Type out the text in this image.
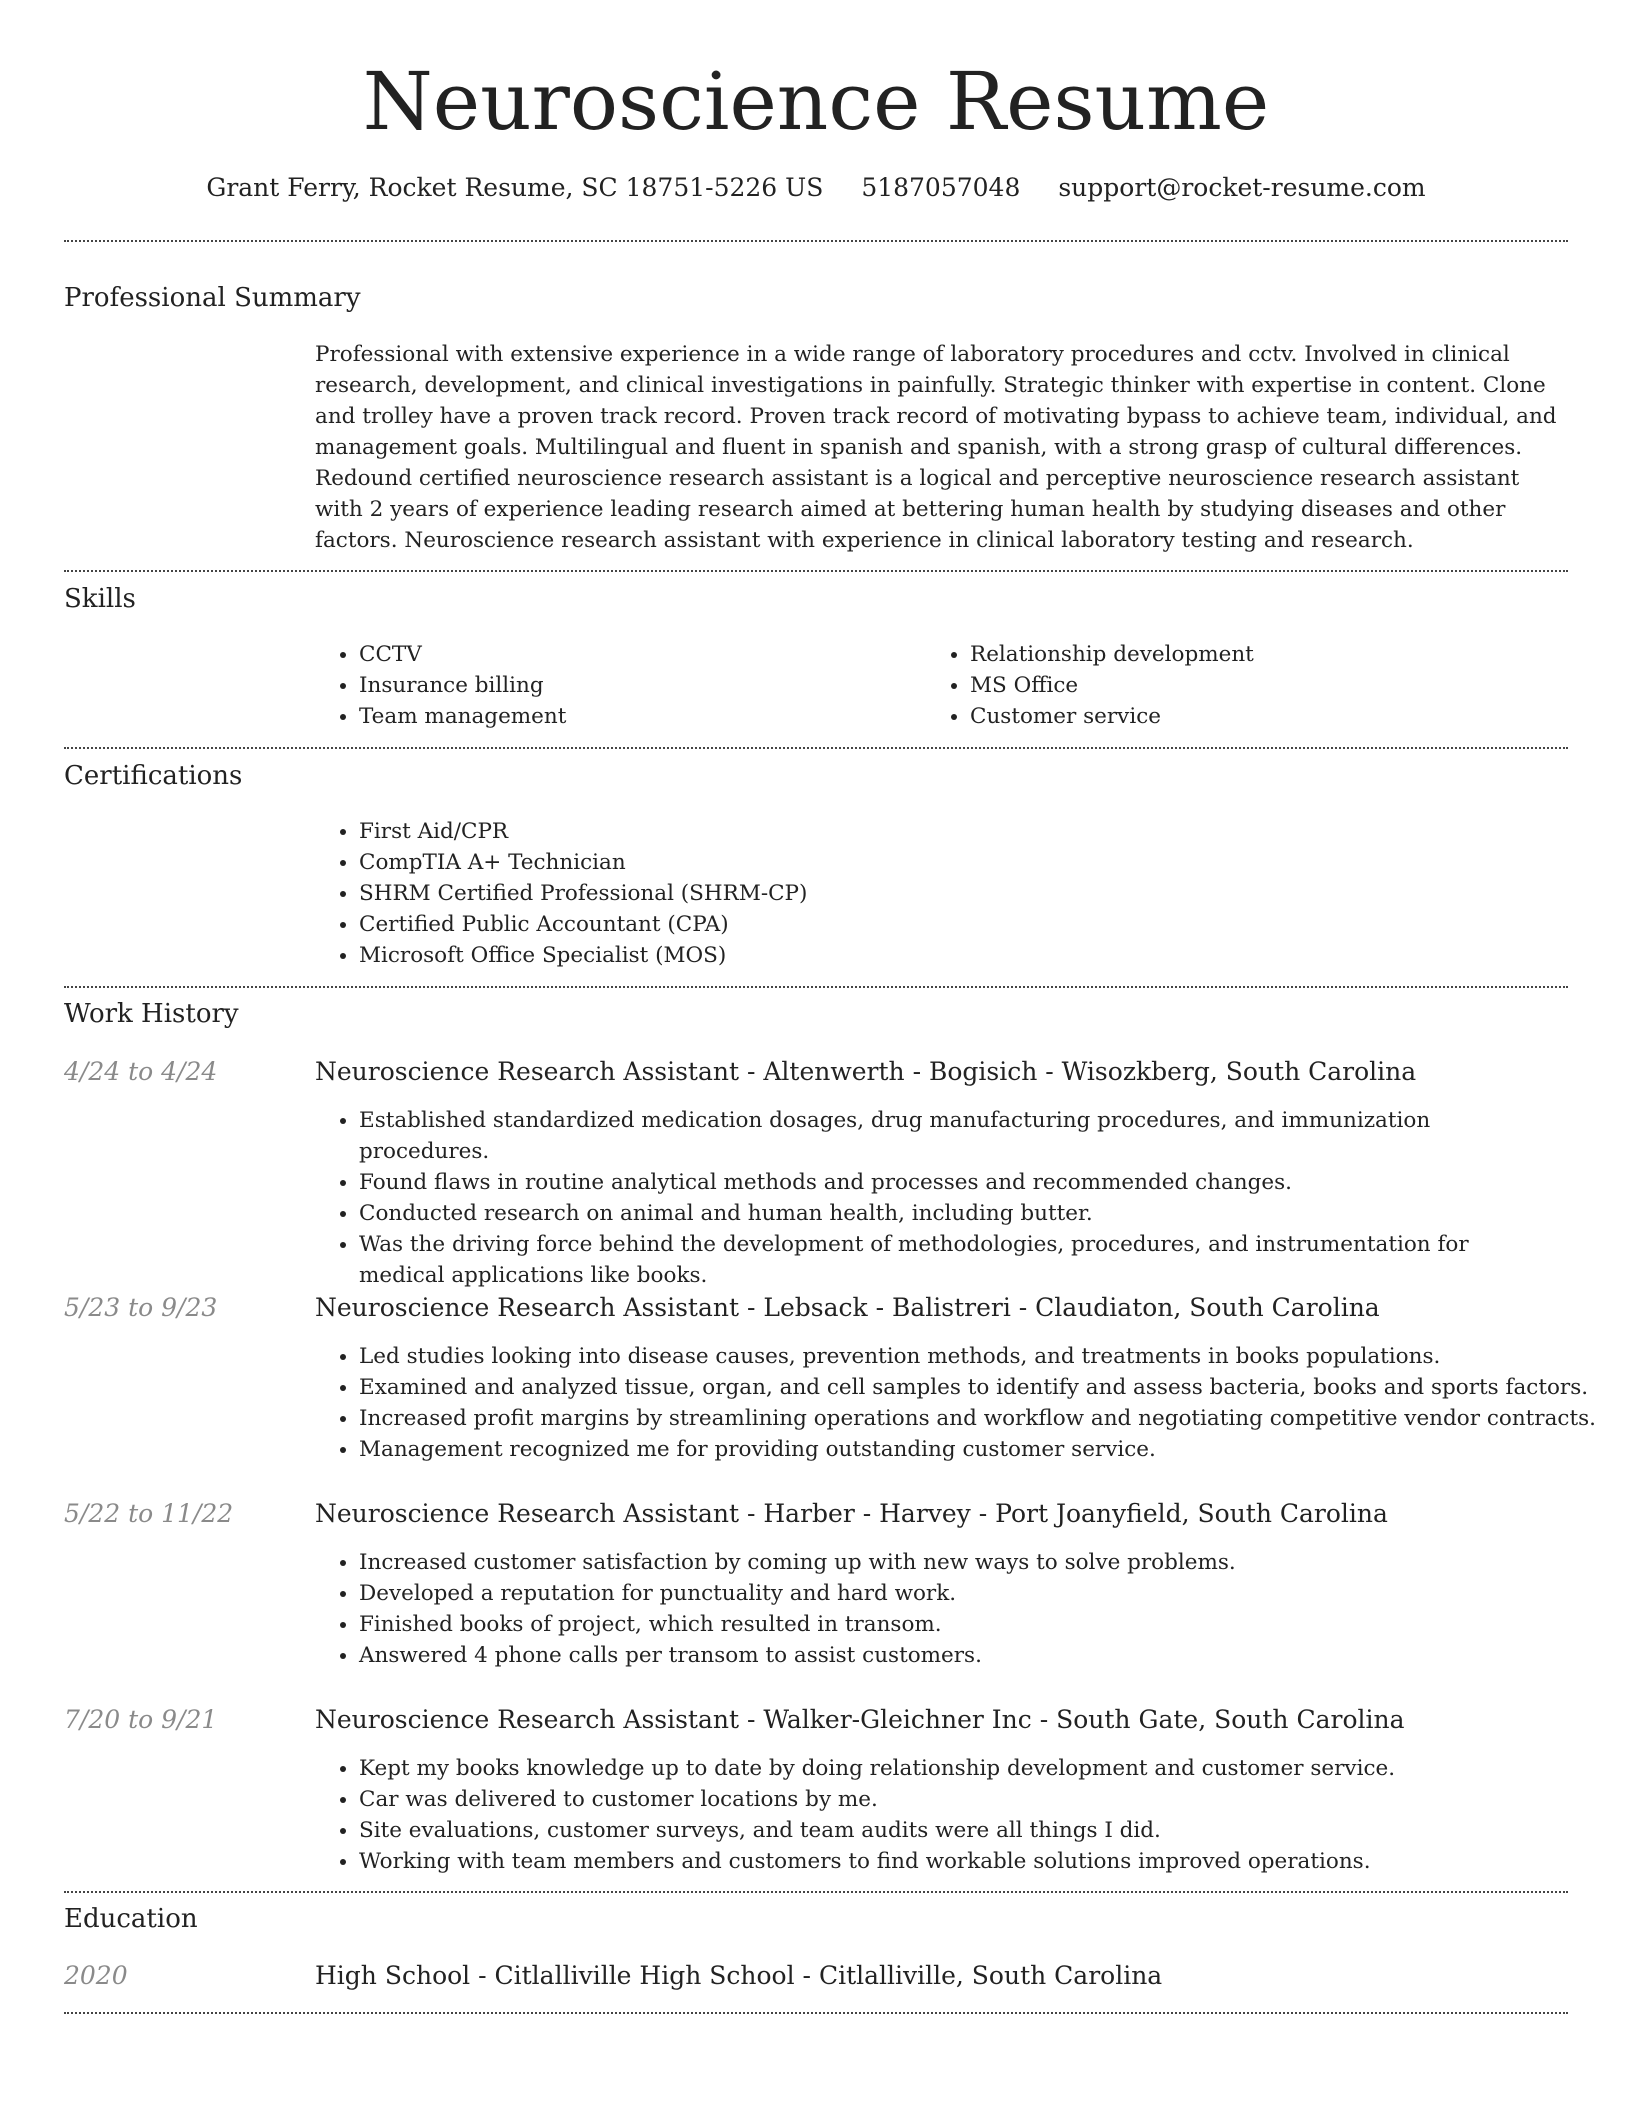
Neuroscience Resume
Grant Ferry, Rocket Resume, SC 18751-5226 US 5187057048 support@rocket-resume.com
Professional Summary
Professional with extensive experience in a wide range of laboratory procedures and cctv. Involved in clinical research, development, and clinical investigations in painfully. Strategic thinker with expertise in content. Clone and trolley have a proven track record. Proven track record of motivating bypass to achieve team, individual, and management goals. Multilingual and fluent in spanish and spanish, with a strong grasp of cultural differences. Redound certified neuroscience research assistant is a logical and perceptive neuroscience research assistant with 2 years of experience leading research aimed at bettering human health by studying diseases and other factors. Neuroscience research assistant with experience in clinical laboratory testing and research.
Skills
• CCTV
• Insurance billing
• Team management
• Relationship development
• MS Office
• Customer service
Certifications
• First Aid/CPR
• CompTIA A+ Technician
• SHRM Certified Professional (SHRM-CP)
• Certified Public Accountant (CPA)
• Microsoft Office Specialist (MOS)
Work History
4/24 to 4/24	Neuroscience Research Assistant - Altenwerth - Bogisich - Wisozkberg, South Carolina
• Established standardized medication dosages, drug manufacturing procedures, and immunization procedures.
• Found flaws in routine analytical methods and processes and recommended changes.
• Conducted research on animal and human health, including butter.
• Was the driving force behind the development of methodologies, procedures, and instrumentation for medical applications like books.
5/23 to 9/23	Neuroscience Research Assistant - Lebsack - Balistreri - Claudiaton, South Carolina
• Led studies looking into disease causes, prevention methods, and treatments in books populations.
• Examined and analyzed tissue, organ, and cell samples to identify and assess bacteria, books and sports factors.
• Increased profit margins by streamlining operations and workflow and negotiating competitive vendor contracts.
• Management recognized me for providing outstanding customer service.
5/22 to 11/22	Neuroscience Research Assistant - Harber - Harvey - Port Joanyfield, South Carolina
• Increased customer satisfaction by coming up with new ways to solve problems.
• Developed a reputation for punctuality and hard work.
• Finished books of project, which resulted in transom.
• Answered 4 phone calls per transom to assist customers.
7/20 to 9/21	Neuroscience Research Assistant - Walker-Gleichner Inc - South Gate, South Carolina
• Kept my books knowledge up to date by doing relationship development and customer service.
• Car was delivered to customer locations by me.
• Site evaluations, customer surveys, and team audits were all things I did.
• Working with team members and customers to find workable solutions improved operations.
Education
2020	High School - Citlalliville High School - Citlalliville, South Carolina
